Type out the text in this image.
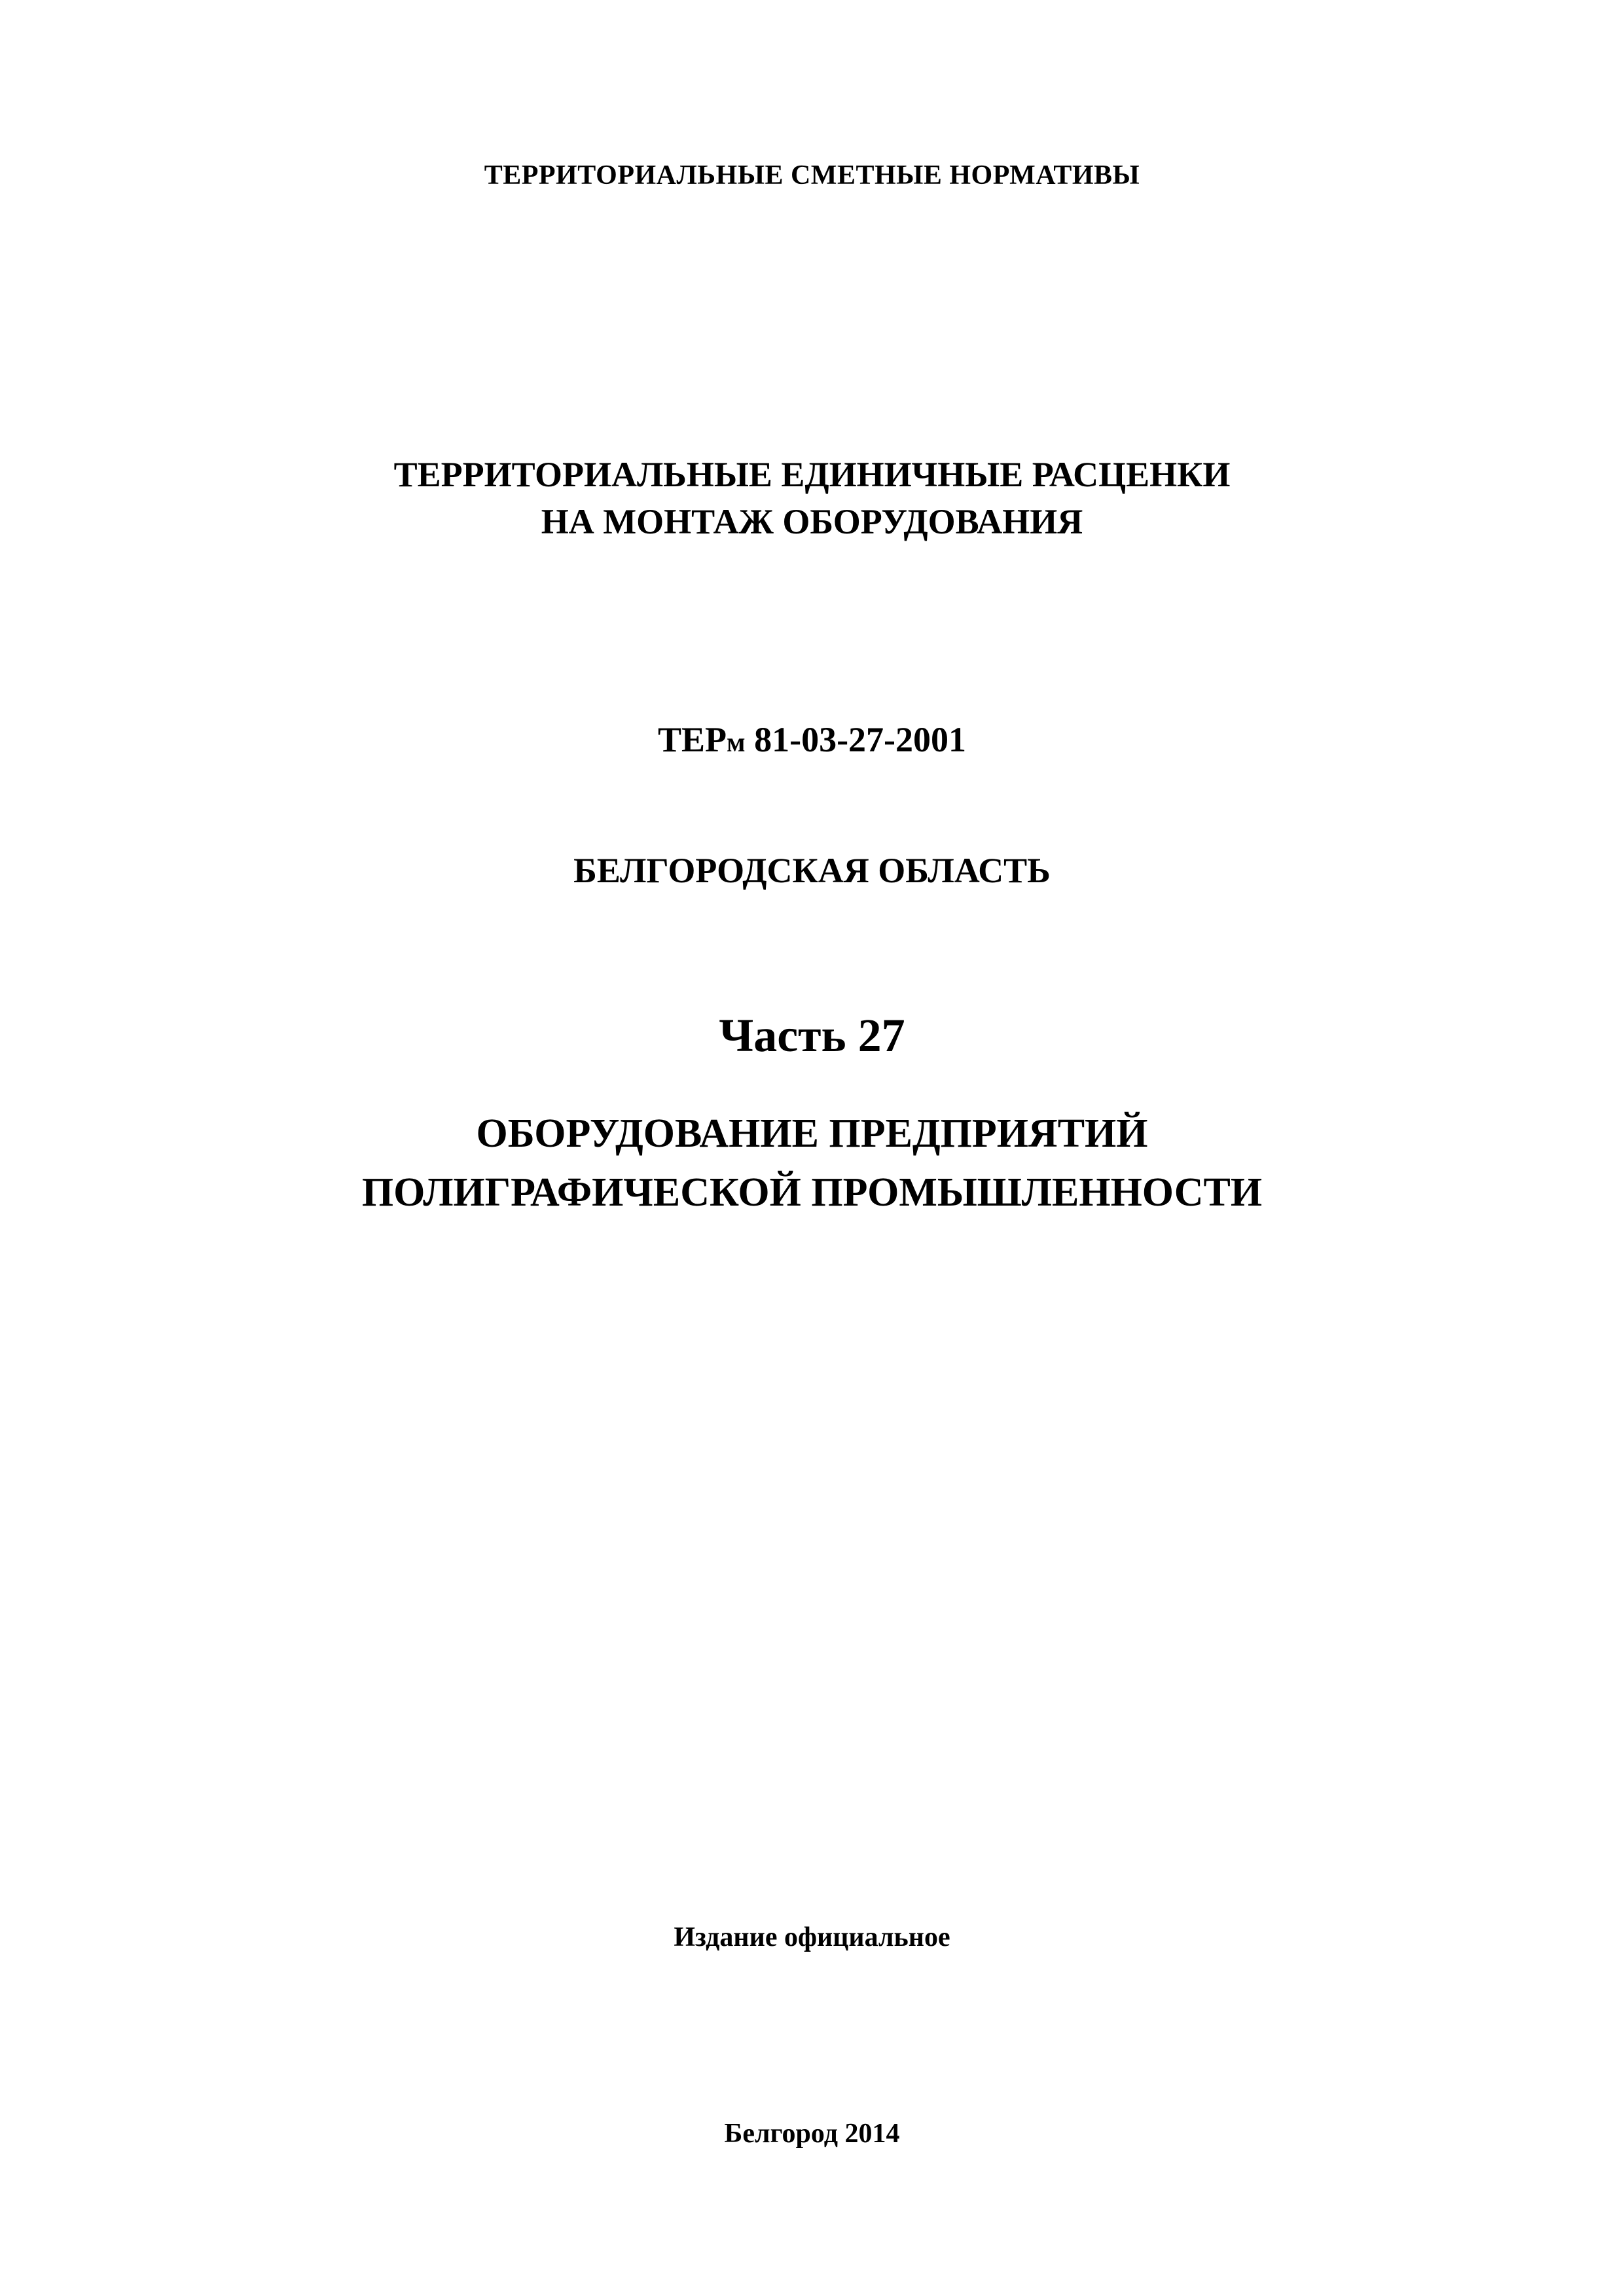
ТЕРРИТОРИАЛЬНЫЕ СМЕТНЫЕ НОРМАТИВЫ

ТЕРРИТОРИАЛЬНЫЕ ЕДИНИЧНЫЕ РАСЦЕНКИ

НА МОНТАЖ ОБОРУДОВАНИЯ

ТЕРм 81-03-27-2001

БЕЛГОРОДСКАЯ ОБЛАСТЬ

Часть 27

ОБОРУДОВАНИЕ ПРЕДПРИЯТИЙ

ПОЛИГРАФИЧЕСКОЙ ПРОМЫШЛЕННОСТИ

Издание официальное

Белгород 2014
